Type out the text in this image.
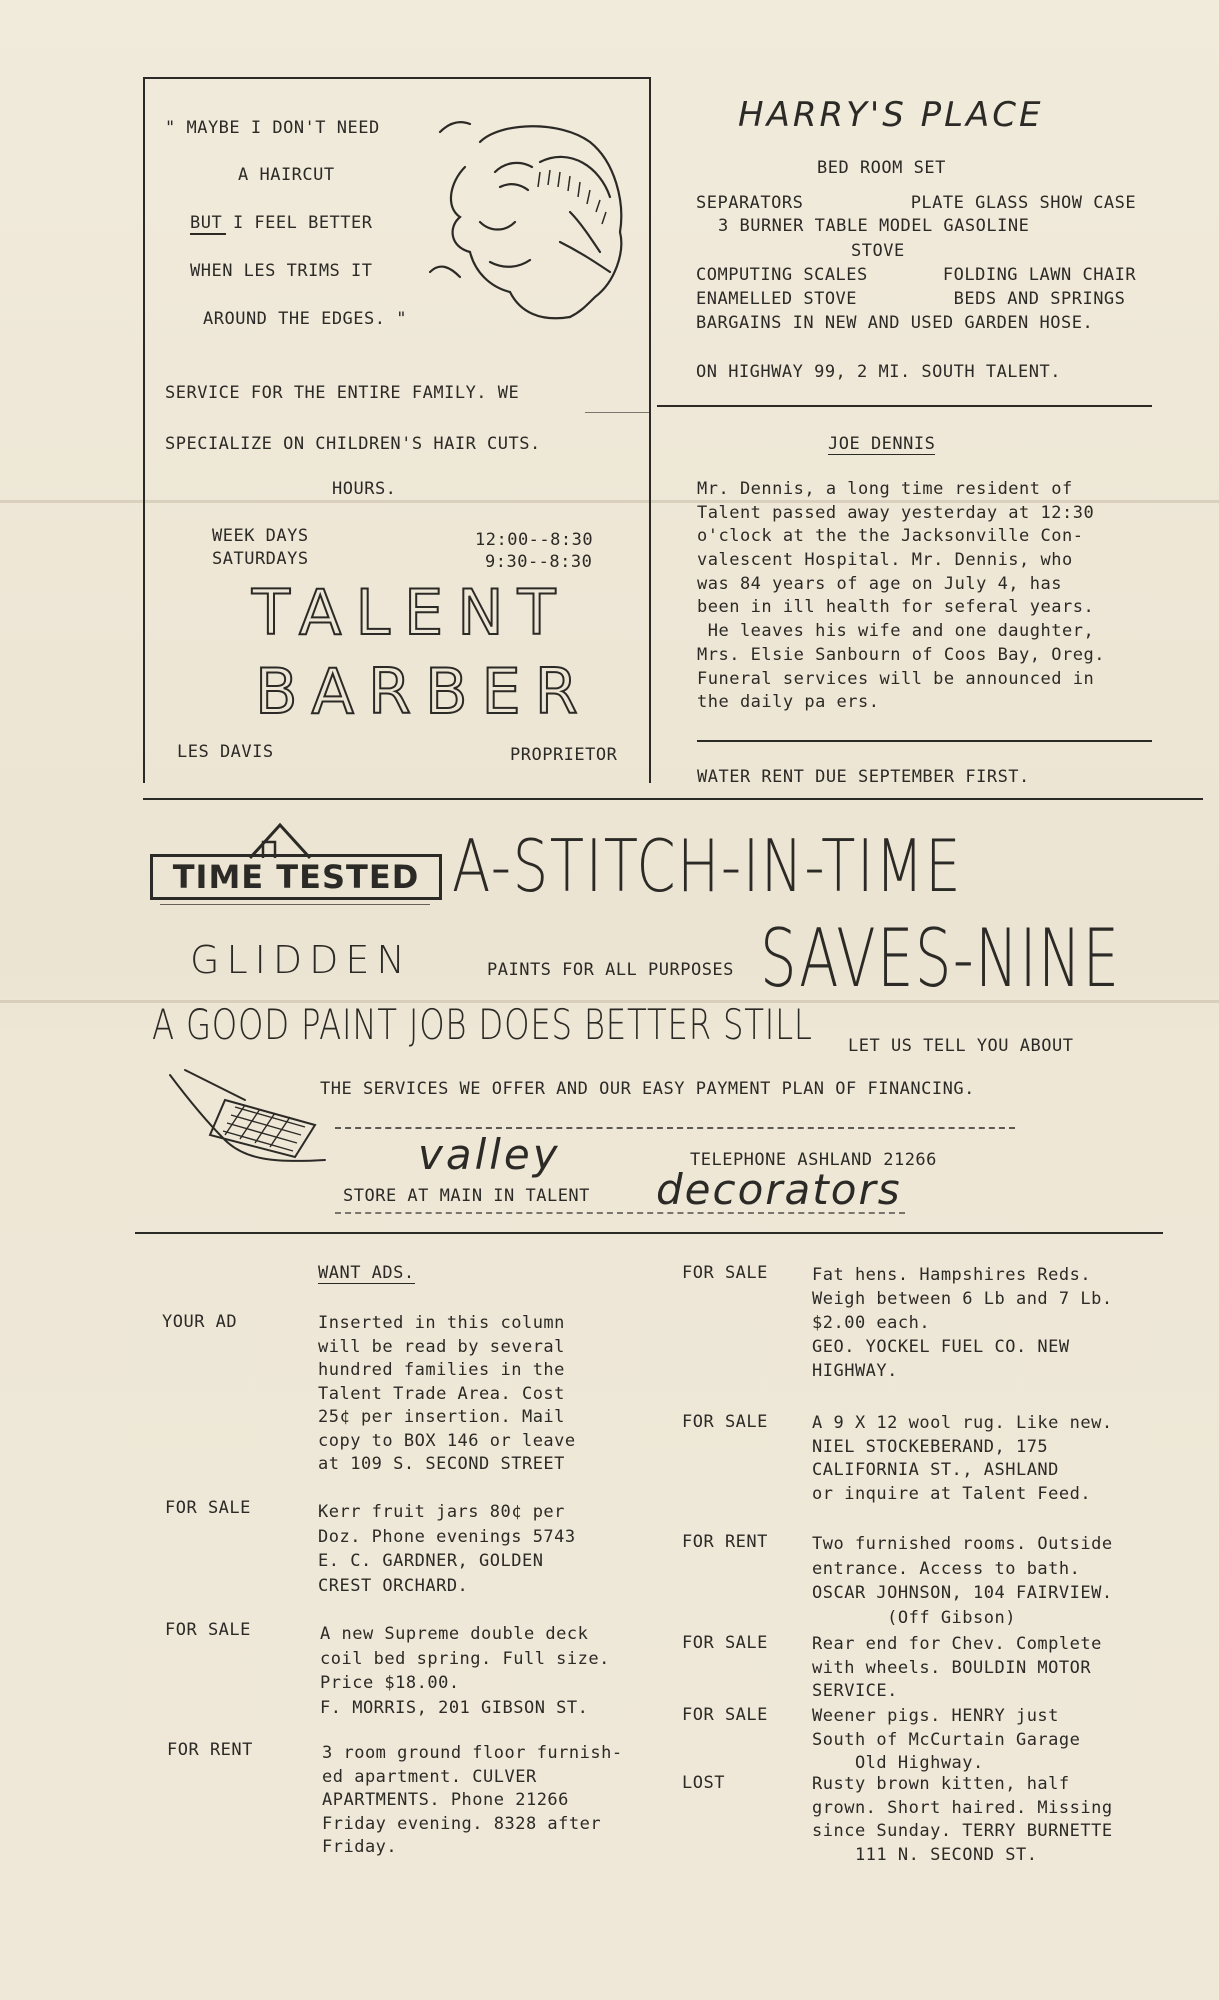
" MAYBE I DON'T NEED
A HAIRCUT
BUT I FEEL BETTER
WHEN LES TRIMS IT
AROUND THE EDGES. "
SERVICE FOR THE ENTIRE FAMILY. WE
SPECIALIZE ON CHILDREN'S HAIR CUTS.
HOURS.
WEEK DAYS	12:00--8:30
SATURDAYS	9:30--8:30
TALENT
BARBER
LES DAVIS	PROPRIETOR
HARRY'S PLACE
BED ROOM SET
SEPARATORS          PLATE GLASS SHOW CASE
3 BURNER TABLE MODEL GASOLINE
STOVE
COMPUTING SCALES       FOLDING LAWN CHAIR
ENAMELLED STOVE         BEDS AND SPRINGS
BARGAINS IN NEW AND USED GARDEN HOSE.
ON HIGHWAY 99, 2 MI. SOUTH TALENT.
JOE DENNIS
Mr. Dennis, a long time resident of
Talent passed away yesterday at 12:30
o'clock at the the Jacksonville Con-
valescent Hospital. Mr. Dennis, who
was 84 years of age on July 4, has
been in ill health for seferal years.
He leaves his wife and one daughter,
Mrs. Elsie Sanbourn of Coos Bay, Oreg.
Funeral services will be announced in
the daily pa ers.
WATER RENT DUE SEPTEMBER FIRST.
TIME TESTED A-STITCH-IN-TIME
SAVES-NINE
GLIDDEN	PAINTS FOR ALL PURPOSES
A GOOD PAINT JOB DOES BETTER STILL LET US TELL YOU ABOUT
THE SERVICES WE OFFER AND OUR EASY PAYMENT PLAN OF FINANCING.
valley
decorators
TELEPHONE ASHLAND 21266
STORE AT MAIN IN TALENT
WANT ADS.
YOUR AD	Inserted in this column
will be read by several
hundred families in the
Talent Trade Area. Cost
25¢ per insertion. Mail
copy to BOX 146 or leave
at 109 S. SECOND STREET
FOR SALE	Kerr fruit jars 80¢ per
Doz. Phone evenings 5743
E. C. GARDNER, GOLDEN
CREST ORCHARD.
FOR SALE	A new Supreme double deck
coil bed spring. Full size.
Price $18.00.
F. MORRIS, 201 GIBSON ST.
FOR RENT	3 room ground floor furnish-
ed apartment. CULVER
APARTMENTS. Phone 21266
Friday evening. 8328 after
Friday.
FOR SALE	Fat hens. Hampshires Reds.
Weigh between 6 Lb and 7 Lb.
$2.00 each.
GEO. YOCKEL FUEL CO. NEW
HIGHWAY.
FOR SALE	A 9 X 12 wool rug. Like new.
NIEL STOCKEBERAND, 175
CALIFORNIA ST., ASHLAND
or inquire at Talent Feed.
FOR RENT	Two furnished rooms. Outside
entrance. Access to bath.
OSCAR JOHNSON, 104 FAIRVIEW.
(Off Gibson)
FOR SALE	Rear end for Chev. Complete
with wheels. BOULDIN MOTOR
SERVICE.
FOR SALE	Weener pigs. HENRY just
South of McCurtain Garage
Old Highway.
LOST	Rusty brown kitten, half
grown. Short haired. Missing
since Sunday. TERRY BURNETTE
111 N. SECOND ST.
